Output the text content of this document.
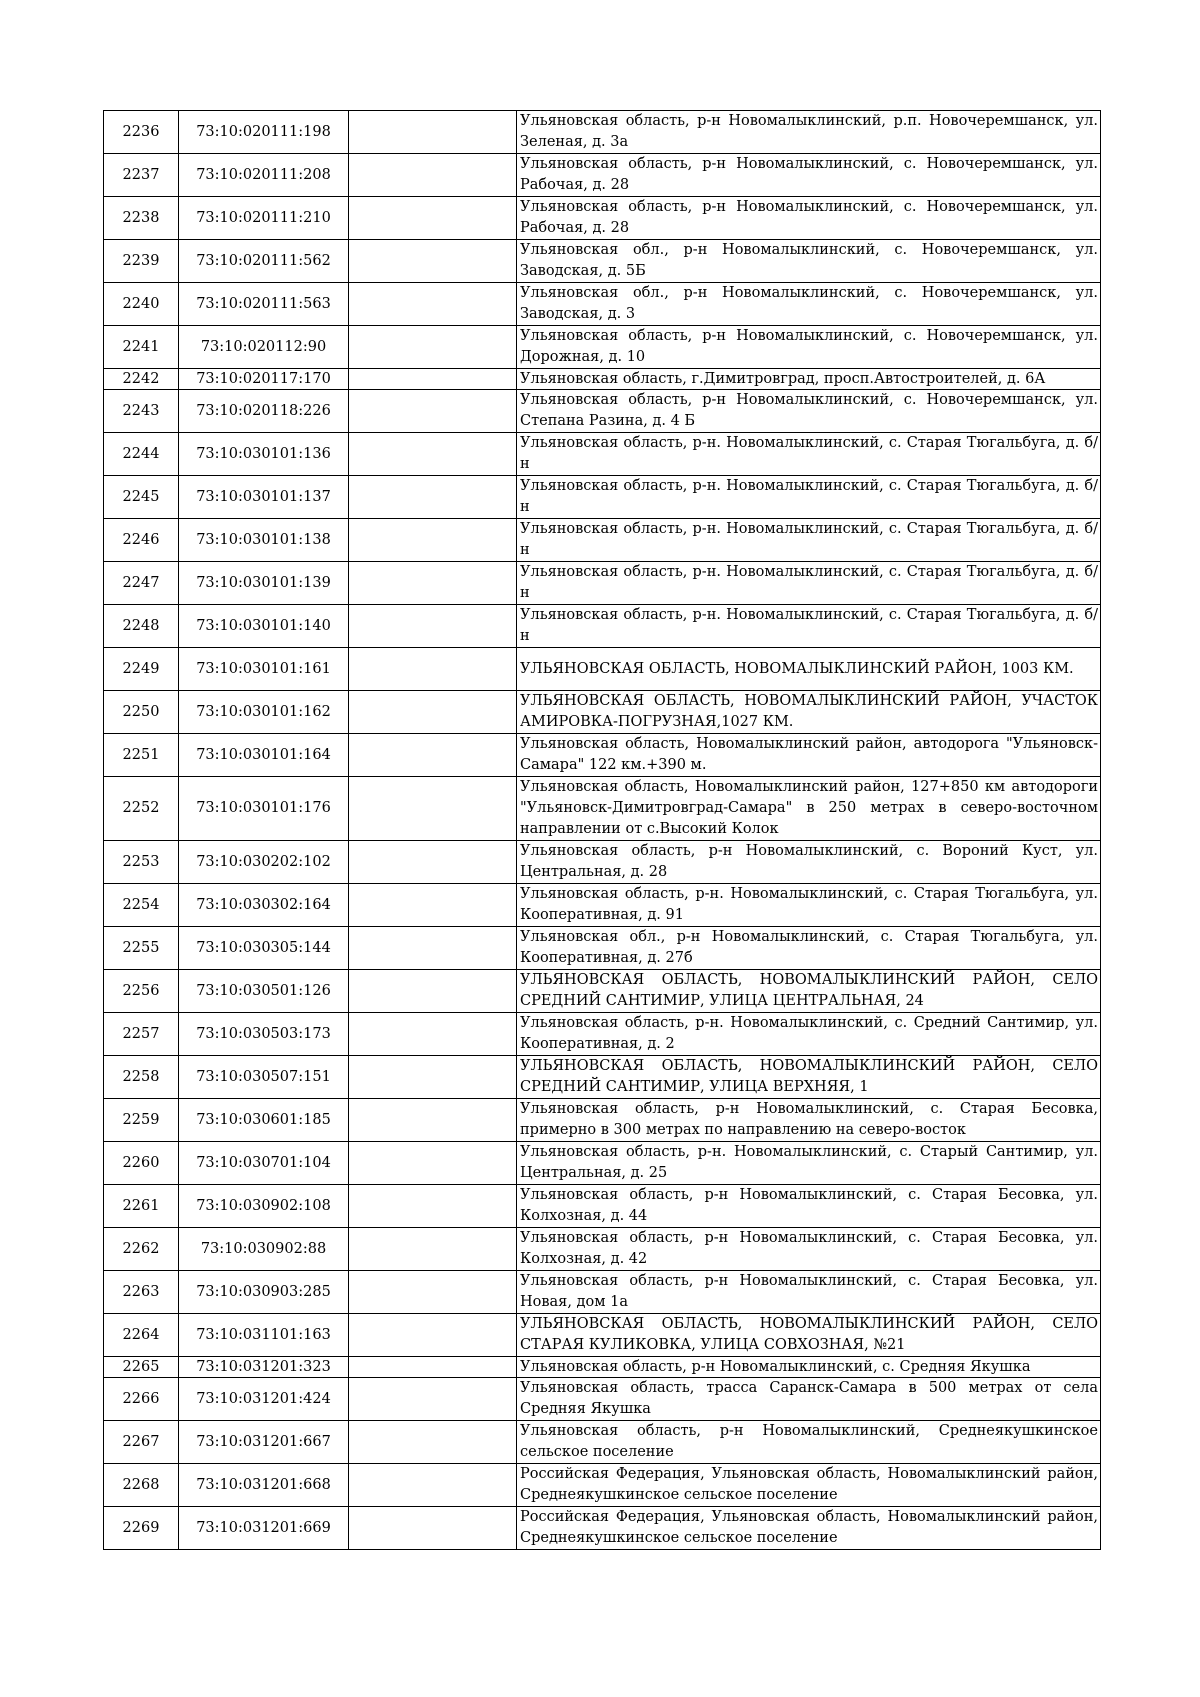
2236	73:10:020111:198		Ульяновская область, р-н Новомалыклинский, р.п. Новочеремшанск, ул. Зеленая, д. 3а
2237	73:10:020111:208		Ульяновская область, р-н Новомалыклинский, с. Новочеремшанск, ул. Рабочая, д. 28
2238	73:10:020111:210		Ульяновская область, р-н Новомалыклинский, с. Новочеремшанск, ул. Рабочая, д. 28
2239	73:10:020111:562		Ульяновская обл., р-н Новомалыклинский, с. Новочеремшанск, ул. Заводская, д. 5Б
2240	73:10:020111:563		Ульяновская обл., р-н Новомалыклинский, с. Новочеремшанск, ул. Заводская, д. 3
2241	73:10:020112:90		Ульяновская область, р-н Новомалыклинский, с. Новочеремшанск, ул. Дорожная, д. 10
2242	73:10:020117:170		Ульяновская область, г.Димитровград, просп.Автостроителей, д. 6А
2243	73:10:020118:226		Ульяновская область, р-н Новомалыклинский, с. Новочеремшанск, ул. Степана Разина, д. 4 Б
2244	73:10:030101:136		Ульяновская область, р-н. Новомалыклинский, с. Старая Тюгальбуга, д. б/н
2245	73:10:030101:137		Ульяновская область, р-н. Новомалыклинский, с. Старая Тюгальбуга, д. б/н
2246	73:10:030101:138		Ульяновская область, р-н. Новомалыклинский, с. Старая Тюгальбуга, д. б/н
2247	73:10:030101:139		Ульяновская область, р-н. Новомалыклинский, с. Старая Тюгальбуга, д. б/н
2248	73:10:030101:140		Ульяновская область, р-н. Новомалыклинский, с. Старая Тюгальбуга, д. б/н
2249	73:10:030101:161		УЛЬЯНОВСКАЯ ОБЛАСТЬ, НОВОМАЛЫКЛИНСКИЙ РАЙОН, 1003 КМ.
2250	73:10:030101:162		УЛЬЯНОВСКАЯ ОБЛАСТЬ, НОВОМАЛЫКЛИНСКИЙ РАЙОН, УЧАСТОК АМИРОВКА-ПОГРУЗНАЯ,1027 КМ.
2251	73:10:030101:164		Ульяновская область, Новомалыклинский район, автодорога "Ульяновск-Самара" 122 км.+390 м.
2252	73:10:030101:176		Ульяновская область, Новомалыклинский район, 127+850 км автодороги "Ульяновск-Димитровград-Самара" в 250 метрах в северо-восточном направлении от с.Высокий Колок
2253	73:10:030202:102		Ульяновская область, р-н Новомалыклинский, с. Вороний Куст, ул. Центральная, д. 28
2254	73:10:030302:164		Ульяновская область, р-н. Новомалыклинский, с. Старая Тюгальбуга, ул. Кооперативная, д. 91
2255	73:10:030305:144		Ульяновская обл., р-н Новомалыклинский, с. Старая Тюгальбуга, ул. Кооперативная, д. 27б
2256	73:10:030501:126		УЛЬЯНОВСКАЯ ОБЛАСТЬ, НОВОМАЛЫКЛИНСКИЙ РАЙОН, СЕЛО СРЕДНИЙ САНТИМИР, УЛИЦА ЦЕНТРАЛЬНАЯ, 24
2257	73:10:030503:173		Ульяновская область, р-н. Новомалыклинский, с. Средний Сантимир, ул. Кооперативная, д. 2
2258	73:10:030507:151		УЛЬЯНОВСКАЯ ОБЛАСТЬ, НОВОМАЛЫКЛИНСКИЙ РАЙОН, СЕЛО СРЕДНИЙ САНТИМИР, УЛИЦА ВЕРХНЯЯ, 1
2259	73:10:030601:185		Ульяновская область, р-н Новомалыклинский, с. Старая Бесовка, примерно в 300 метрах по направлению на северо-восток
2260	73:10:030701:104		Ульяновская область, р-н. Новомалыклинский, с. Старый Сантимир, ул. Центральная, д. 25
2261	73:10:030902:108		Ульяновская область, р-н Новомалыклинский, с. Старая Бесовка, ул. Колхозная, д. 44
2262	73:10:030902:88		Ульяновская область, р-н Новомалыклинский, с. Старая Бесовка, ул. Колхозная, д. 42
2263	73:10:030903:285		Ульяновская область, р-н Новомалыклинский, с. Старая Бесовка, ул. Новая, дом 1а
2264	73:10:031101:163		УЛЬЯНОВСКАЯ ОБЛАСТЬ, НОВОМАЛЫКЛИНСКИЙ РАЙОН, СЕЛО СТАРАЯ КУЛИКОВКА, УЛИЦА СОВХОЗНАЯ, №21
2265	73:10:031201:323		Ульяновская область, р-н Новомалыклинский, с. Средняя Якушка
2266	73:10:031201:424		Ульяновская область, трасса Саранск-Самара в 500 метрах от села Средняя Якушка
2267	73:10:031201:667		Ульяновская область, р-н Новомалыклинский, Среднеякушкинское сельское поселение
2268	73:10:031201:668		Российская Федерация, Ульяновская область, Новомалыклинский район, Среднеякушкинское сельское поселение
2269	73:10:031201:669		Российская Федерация, Ульяновская область, Новомалыклинский район, Среднеякушкинское сельское поселение
